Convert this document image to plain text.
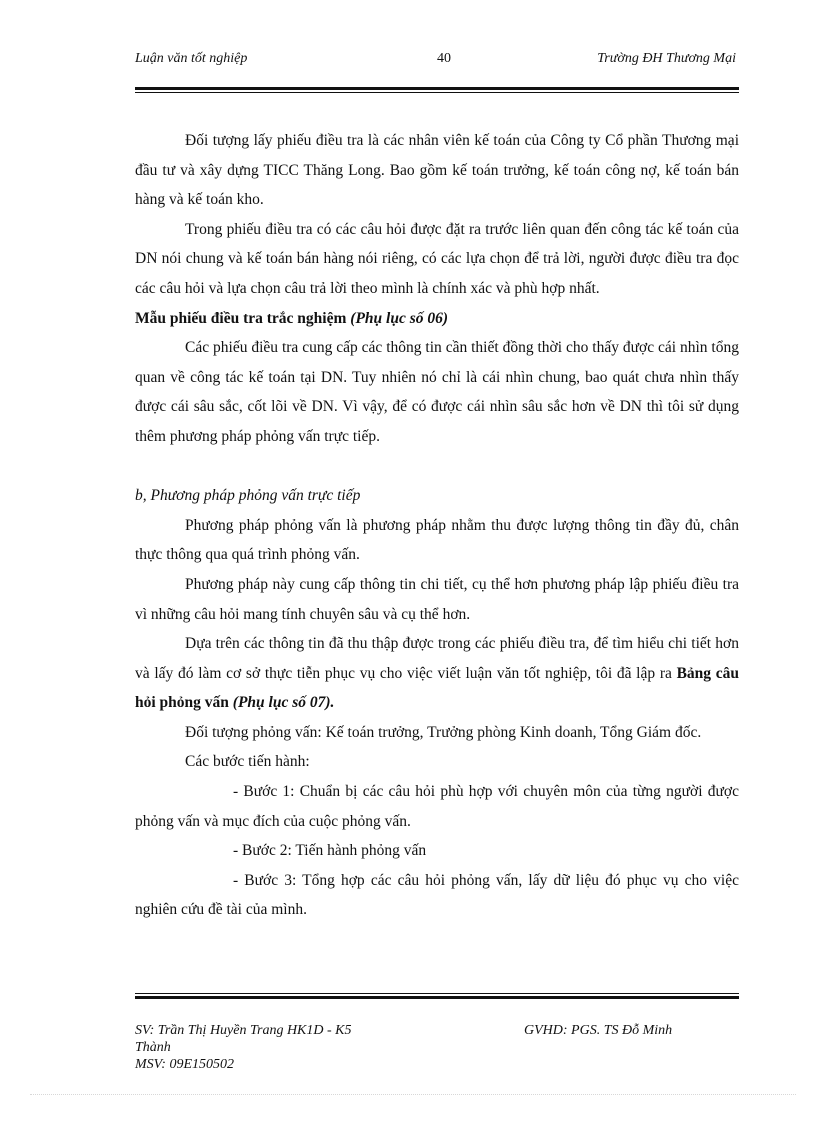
Luận văn tốt nghiệp	40	Trường ĐH Thương Mại

Đối tượng lấy phiếu điều tra là các nhân viên kế toán của Công ty Cổ phần Thương mại đầu tư và xây dựng TICC Thăng Long. Bao gồm kế toán trưởng, kế toán công nợ, kế toán bán hàng và kế toán kho.

Trong phiếu điều tra có các câu hỏi được đặt ra trước liên quan đến công tác kế toán của DN nói chung và kế toán bán hàng nói riêng, có các lựa chọn để trả lời, người được điều tra đọc các câu hỏi và lựa chọn câu trả lời theo mình là chính xác và phù hợp nhất.

Mẫu phiếu điều tra trắc nghiệm (Phụ lục số 06)

Các phiếu điều tra cung cấp các thông tin cần thiết đồng thời cho thấy được cái nhìn tổng quan về công tác kế toán tại DN. Tuy nhiên nó chỉ là cái nhìn chung, bao quát chưa nhìn thấy được cái sâu sắc, cốt lõi về DN. Vì vậy, để có được cái nhìn sâu sắc hơn về DN thì tôi sử dụng thêm phương pháp phỏng vấn trực tiếp.

b, Phương pháp phỏng vấn trực tiếp

Phương pháp phỏng vấn là phương pháp nhằm thu được lượng thông tin đầy đủ, chân thực thông qua quá trình phỏng vấn.

Phương pháp này cung cấp thông tin chi tiết, cụ thể hơn phương pháp lập phiếu điều tra vì những câu hỏi mang tính chuyên sâu và cụ thể hơn.

Dựa trên các thông tin đã thu thập được trong các phiếu điều tra, để tìm hiểu chi tiết hơn và lấy đó làm cơ sở thực tiễn phục vụ cho việc viết luận văn tốt nghiệp, tôi đã lập ra Bảng câu hỏi phỏng vấn (Phụ lục số 07).

Đối tượng phỏng vấn: Kế toán trưởng, Trưởng phòng Kinh doanh, Tổng Giám đốc.

Các bước tiến hành:

- Bước 1: Chuẩn bị các câu hỏi phù hợp với chuyên môn của từng người được phỏng vấn và mục đích của cuộc phỏng vấn.

- Bước 2: Tiến hành phỏng vấn

- Bước 3: Tổng hợp các câu hỏi phỏng vấn, lấy dữ liệu đó phục vụ cho việc nghiên cứu đề tài của mình.

SV: Trần Thị Huyền Trang HK1D - K5
Thành
MSV: 09E150502
GVHD: PGS. TS Đỗ Minh
